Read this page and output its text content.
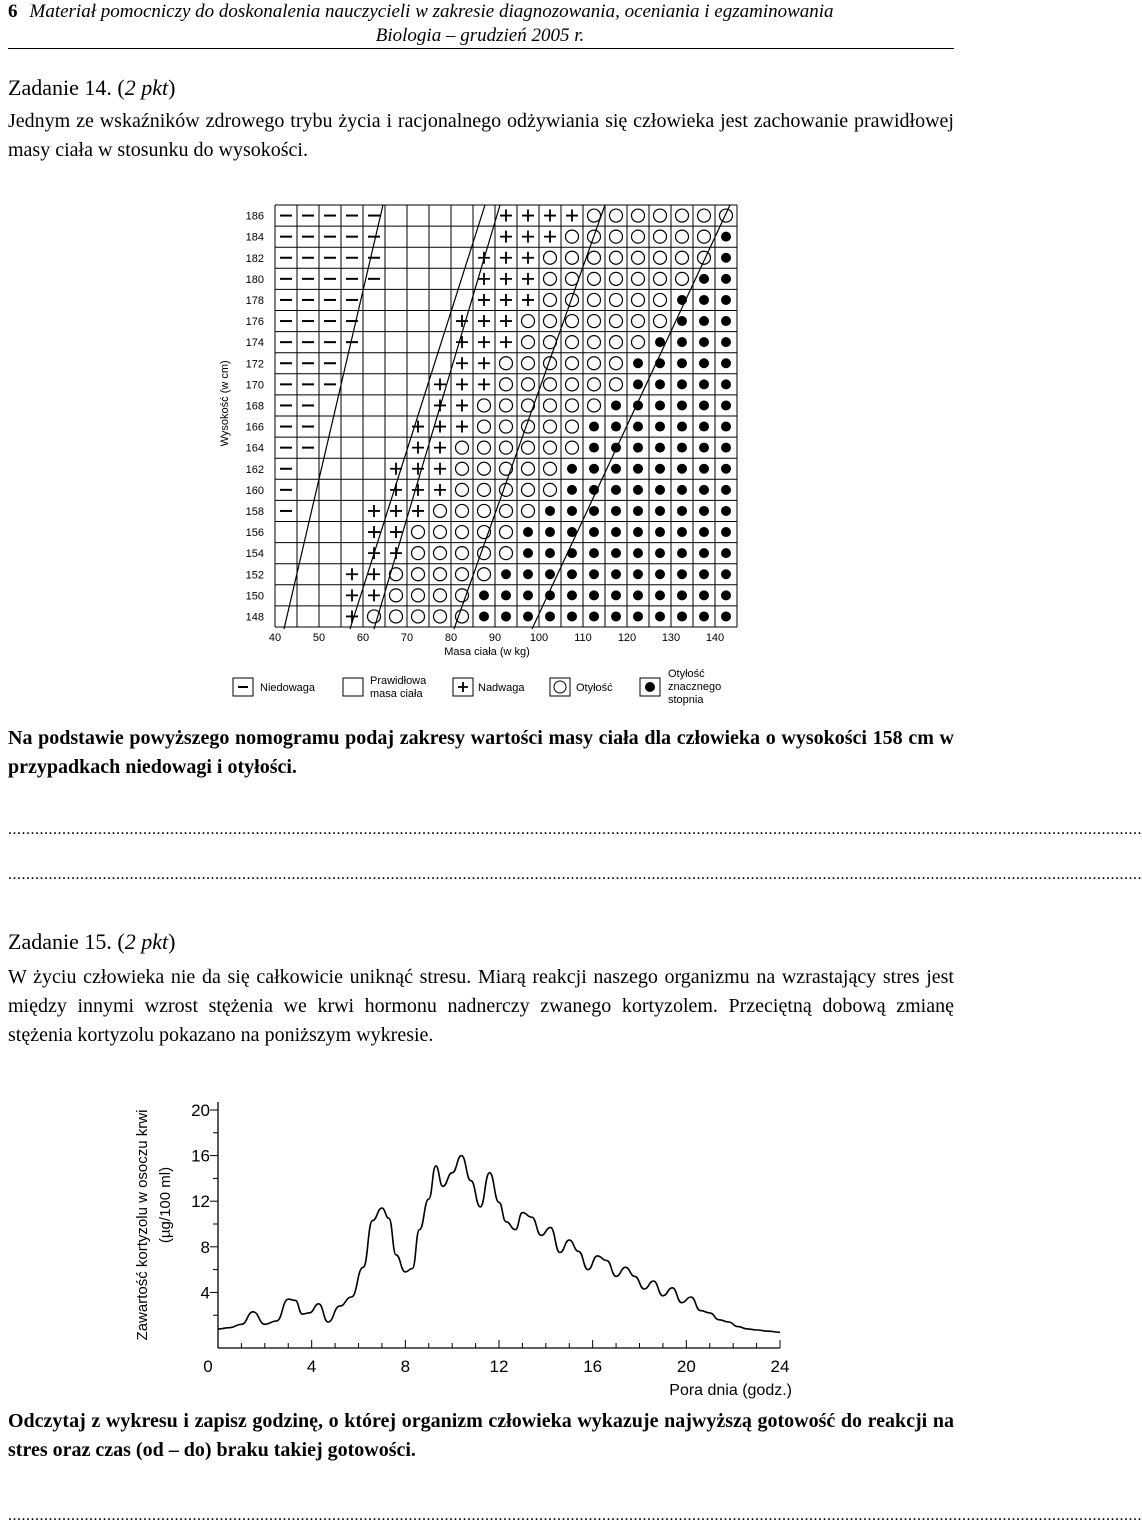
6 Materiał pomocniczy do doskonalenia nauczycieli w zakresie diagnozowania, oceniania i egzaminowania
Biologia – grudzień 2005 r.
Zadanie 14. (2 pkt)
Jednym ze wskaźników zdrowego trybu życia i racjonalnego odżywiania się człowieka jest zachowanie prawidłowej masy ciała w stosunku do wysokości.
186
184
182
180
178
176
174
172
170
168
166
164
162
160
158
156
154
152
150
148
40	50	60	70	80	90	100 110 120 130 140
Masa ciała (w kg)
Wysokość (w cm)
Niedowaga
Prawidłowa
masa ciała	Nadwaga	Otyłość
Otyłość
znacznego
stopnia
Na podstawie powyższego nomogramu podaj zakresy wartości masy ciała dla człowieka o wysokości 158 cm w przypadkach niedowagi i otyłości.
............................................................................................................................................................................................................................................................
............................................................................................................................................................................................................................................................
Zadanie 15. (2 pkt)
W życiu człowieka nie da się całkowicie uniknąć stresu. Miarą reakcji naszego organizmu na wzrastający stres jest między innymi wzrost stężenia we krwi hormonu nadnerczy zwanego kortyzolem. Przeciętną dobową zmianę stężenia kortyzolu pokazano na poniższym wykresie.
20
16
12
8
4
0	4	8	12	16	20	24
Pora dnia (godz.)
Zawartość kortyzolu w osoczu krwi (µg/100 ml)
Odczytaj z wykresu i zapisz godzinę, o której organizm człowieka wykazuje najwyższą gotowość do reakcji na stres oraz czas (od – do) braku takiej gotowości.
............................................................................................................................................................................................................................................................
